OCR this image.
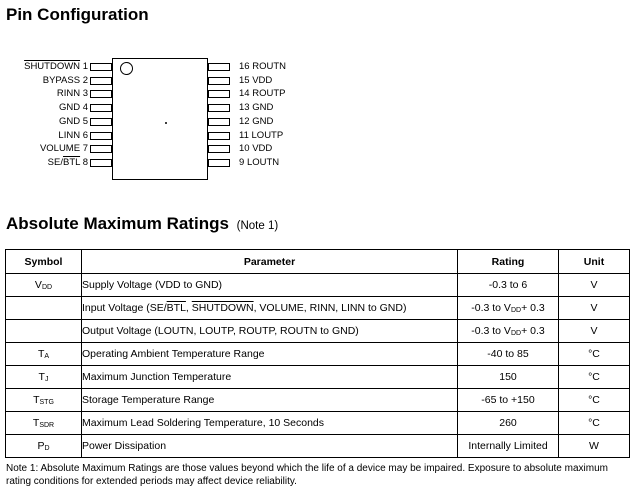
Pin Configuration
SHUTDOWN 1
BYPASS 2
RINN 3
GND 4
GND 5
LINN 6
VOLUME 7
$SE/\overline{BTL}$ 8
16 ROUTN
15 VDD
14 ROUTP
13 GND
12 GND
11 LOUTP
10 VDD
9 LOUTN
Absolute Maximum Ratings (Note 1)
Symbol	Parameter	Rating	Unit
$V_{DD}$	Supply Voltage (VDD to GND)	-0.3 to 6	V
	Input Voltage ($SE/\overline{BTL}$, SHUTDOWN, VOLUME, RINN, LINN to GND)	-0.3 to $V_{DD}+ 0.3$	V
	Output Voltage (LOUTN, LOUTP, ROUTP, ROUTN to GND)	-0.3 to $V_{DD}+ 0.3$	V
$T_A$	Operating Ambient Temperature Range	-40 to 85	°C
$T_J$	Maximum Junction Temperature	150	°C
$T_{STG}$	Storage Temperature Range	-65 to +150	°C
$T_{SDR}$	Maximum Lead Soldering Temperature, 10 Seconds	260	°C
$P_D$	Power Dissipation	Internally Limited	W
Note 1: Absolute Maximum Ratings are those values beyond which the life of a device may be impaired. Exposure to absolute maximum rating conditions for extended periods may affect device reliability.
